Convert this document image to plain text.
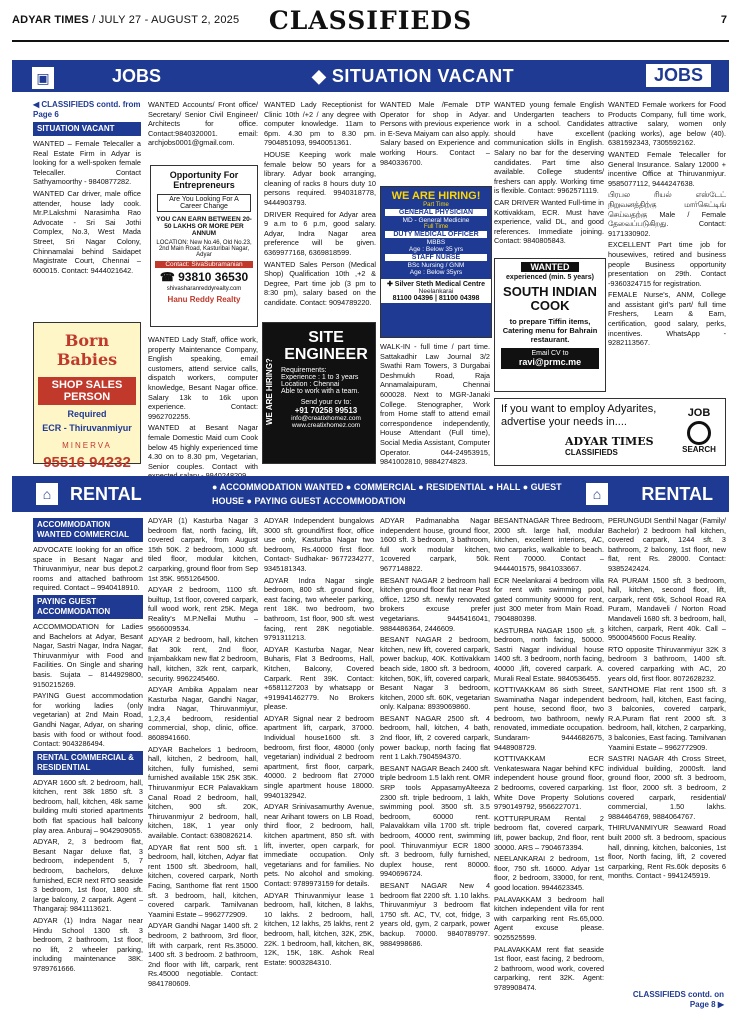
ADYAR TIMES / JULY 27 - AUGUST 2, 2025	CLASSIFIEDS	7
▣	JOBS	◆ SITUATION VACANT	JOBS
◀ CLASSIFIEDS contd. from Page 6
SITUATION VACANT

WANTED – Female Telecaller a Real Estate Firm in Adyar is looking for a well-spoken female Telecaller. Contact Sathyamoorthy - 9840877282.

WANTED Car driver, male office attender, house lady cook. Mr.P.Lakshmi Narasimha Rao Advocate - Sri Sai Jothi Complex, No.3, West Mada Street, Sri Nagar Colony, Chinnamalai behind Saidapet Magistrate Court, Chennai – 600015. Contact: 9444021642.

Born Babies
SHOP SALES PERSON
Required
ECR - Thiruvanmiyur
MINERVA
95516 94232

WANTED Accounts/ Front office/ Secretary/ Senior Civil Engineer/ Architects for office. Contact:9840320001. email: archjobs0001@gmail.com.

Opportunity For Entrepreneurs
Are You Looking For A Career Change
YOU CAN EARN BETWEEN 20-50 LAKHS OR MORE PER ANNUM
LOCATION: New No.46, Old No.23, 2nd Main Road, Kasturibai Nagar, Adyar
Contact: SivaSubramanian
☎ 93810 36530
shivasharanreddyrealty.com
Hanu Reddy Realty

WANTED Lady Staff, office work, property Maintenance Company, English speaking, email customers, attend service calls, dispatch workers, computer knowledge, Besant Nagar office. Salary 13k to 16k upon experience. Contact: 9962702255.

WANTED at Besant Nagar female Domestic Maid cum Cook below 45 highly experienced time 4.30 on to 8.30 pm, Vegetarian, Senior couples. Contact with

WANTED Lady Receptionist for Clinic 10th /+2 / any degree with computer knowledge. 11am to 6pm. 4.30 pm to 8.30 pm. 7904851093, 9940051361.

HOUSE Keeping work male female below 50 years for a library. Adyar book arranging, cleaning of racks 8 hours duty 10 persons required. 9940318778, 9444903793.

DRIVER Required for Adyar area 9 a.m to 6 p.m, good salary. Adyar, Indra Nagar area preference will be given. 6369977168, 6369818599.

WANTED Sales Person (Medical Shop) Qualification 10th ,+2 & Degree, Part time job (3 pm to 8:30 pm), salary based on the candidate. Contact: 9094789220.

WE ARE HIRING?
SITE ENGINEER
Requirements:
Experience : 1 to 3 years
Location : Chennai
Able to work with a team.
Send your cv to:
+91 70258 99513
info@creatixhomez.com
www.creatixhomez.com

WANTED Male /Female DTP Operator for shop in Adyar. Persons with previous experience in E-Seva Maiyam can also apply. Salary based on Experience and working Hours. Contact – 9840336700.

WE ARE HIRING!
Part Time
GENERAL PHYSICIAN
MD - General Medicine
Full Time
DUTY MEDICAL OFFICER
MBBS
Age : Below 35 yrs
STAFF NURSE
BSc Nursing / GNM
Age : Below 35yrs
✚ Silver Steth Medical Centre
Neelankarai
81100 04396 | 81100 04398

WALK-IN - full time / part time. Sattakadhir Law Journal 3/2 Swathi Ram Towers, 3 Durgabai Deshmukh Road, Raja Annamalaipuram, Chennai 600028. Next to MGR-Janaki College. Stenographer, Work from Home staff to attend email correspondence independently, House Attendant (Full time), Social Media Assistant, Computer Operator. 044-24953915, 9841002810, 9884274823.

WANTED young female English and Undergarten teachers to work in a school. Candidates should have excellent communication skills in English. Salary no bar for the deserving candidates. Part time also available. College students/ freshers can apply. Working time is flexible. Contact: 9962571119.

CAR DRIVER Wanted Full-time in Kottivakkam, ECR. Must have experience, valid DL, and good references. Immediate joining. Contact: 9840805843.

WANTED
experienced (min. 5 years)
SOUTH INDIAN COOK
to prepare Tiffin items, Catering menu for Bahrain restaurant.
Email CV to
ravi@prmc.me

WANTED Female workers for Food Products Company, full time work, attractive salary, women only (packing works), age below (40). 6381592343, 7305592162.

WANTED Female Telecaller for General Insurance. Salary 12000 + incentive Office at Thiruvanmiyur. 9585077112, 9444247638.

பிரபல ரியல் எஸ்டேட் நிறுவனத்திற்கு மார்கெட்டிங் செய்வதற்கு Male / Female தேவைப்படுகிறது. Contact: 9171330902.

EXCELLENT Part time job for housewives, retired and business people Business opportunity presentation on 29th. Contact -9360324715 for registration.

FEMALE Nurse's, ANM, College and assistant girl's part/ full time Freshers, Learn & Earn, certification, good salary, perks, incentives. WhatsApp - 9282113567.

If you want to employ Adyarites, advertise your needs in....
ADYAR TIMES
CLASSIFIEDS
JOB
SEARCH
⌂	RENTAL	● ACCOMMODATION WANTED ● COMMERCIAL ● RESIDENTIAL ● HALL ● GUEST HOUSE ● PAYING GUEST ACCOMMODATION	⌂	RENTAL
ACCOMMODATION WANTED COMMERCIAL

ADVOCATE looking for an office space in Besant Nagar and Thiruvanmiyur, near bus depot.2 rooms and attached bathroom required. Contact – 9940418910.

PAYING GUEST ACCOMMODATION

ACCOMMODATION for Ladies and Bachelors at Adyar, Besant Nagar, Sastri Nagar, Indra Nagar, Thiruvanmiyur with Food and Facilities. On Single and sharing basis. Sujata – 8144929800, 9150215269.

PAYING Guest accommodation for working ladies (only vegetarian) at 2nd Main Road, Gandhi Nagar, Adyar, on sharing basis with food or without food. Contact: 9043286494.

RENTAL COMMERCIAL & RESIDENTIAL

ADYAR 1600 sft. 2 bedroom, hall, kitchen, rent 38k 1850 sft. 3 bedroom, hall, kitchen, 48k same building multi storied apartments both flat spacious hall balcony play area. Anburaj – 9042909055.

ADYAR, 2, 3 bedroom flat, Besant Nagar deluxe flat, 3 bedroom, independent 5, 7 bedroom, bachelors, deluxe furnished, ECR next RTO seaside 3 bedroom, 1st floor, 1800 sft. large balcony, 2 carpark. Agent – Thangaraj: 9841113621.

ADYAR (1) Indra Nagar near Hindu School 1300 sft. 3 bedroom, 2 bathroom, 1st floor, no lift, 2 wheeler parking, including maintenance 38K. 9789761666.

ADYAR (1) Kasturba Nagar 3 bedroom flat, north facing, lift, covered carpark, from August 15th 50K. 2 bedroom, 1000 sft. tiled floor, modular kitchen, carparking, ground floor from Sep 1st 35K. 9551264500.

ADYAR 2 bedroom, 1100 sft. builtup, 1st floor, covered carpark, full wood work, rent 25K. Mega Reality's M.P.Nellai Muthu – 9566009534.

ADYAR 2 bedroom, hall, kitchen flat 30k rent, 2nd floor, Injambakkam new flat 2 bedroom, hall, kitchen, 32k rent, carpark, security. 9962245460.

ADYAR Ambika Appalam near Kasturba Nagar, Gandhi Nagar, Indra Nagar, Thiruvanmiyur, 1,2,3,4 bedroom, residential commercial, shop, clinic, office. 8608941660.

ADYAR Bachelors 1 bedroom, hall, kitchen, 2 bedroom, hall, kitchen, fully furnished, semi furnished available 15K 25K 35K. Thiruvanmiyur ECR Palavakkam Canal Road 2 bedroom, hall, kitchen, 900 sft. 20K, Thiruvanmiyur 2 bedroom, hall, kitchen, 18K, 1 year only available. Contact: 6380826214.

ADYAR flat rent 500 sft. 1 bedroom, hall, kitchen, Adyar flat rent 1500 sft. 3bedroom, hall, kitchen, covered carpark, North Facing, Santhome flat rent 1500 sft. 3 bedroom, hall, kitchen, covered carpark. Tamilvanan Yaamini Estate – 9962772909.

ADYAR Gandhi Nagar 1400 sft. 2 bedroom, 2 bathroom, 3rd floor, lift with carpark, rent Rs.35000. 1400 sft. 3 bedroom. 2 bathroom, 2nd floor with lift, carpark, rent Rs.45000 negotiable. Contact: 9841780609.

ADYAR Independent bungalows 3000 sft. ground/first floor, office use only, Kasturba Nagar two bedroom, Rs.40000 first floor. Contact- Sudhakar- 9677234277, 9345181343.

ADYAR Indra Nagar single bedroom, 800 sft. ground floor, east facing, two wheeler parking, rent 18K. two bedroom, two bathroom, 1st floor, 900 sft. west facing, rent 28K negotiable. 9791311213.

ADYAR Kasturba Nagar, Near Buharis, Flat 3 Bedrooms, Hall, Kitchen, Balcony, Covered Carpark. Rent 39K. Contact: +6581127203 by whatsapp or +919941462779. No Brokers please.

ADYAR Signal near 2 bedroom apartment lift, carpark, 37000. Individual house1600 sft. 3 bedroom, first floor, 48000 (only vegetarian) individual 2 bedroom apartment, first floor, carpark, 40000. 2 bedroom flat 27000 single apartment house 18000. 9940132942.

ADYAR Srinivasamurthy Avenue, near Arihant towers on LB Road, third floor, 2 bedroom, hall, kitchen apartment, 850 sft. with lift, inverter, open carpark, for immediate occupation. Only vegetarians and for families. No pets. No alcohol and smoking. Contact: 9789973159 for details.

ADYAR Thiruvanmiyur lease 1 bedroom, hall, kitchen, 8 lakhs, 10 lakhs. 2 bedroom, hall, kitchen, 12 lakhs, 25 lakhs, rent 2 bedroom, hall, kitchen, 32K, 25K, 22K. 1 bedroom, hall, kitchen, 8K, 12K, 15K, 18K. Ashok Real Estate: 9003284310.

ADYAR Padmanabha Nagar independent house, ground floor, 1600 sft. 3 bedroom, 3 bathroom, full work modular kitchen, 1covered carpark, 50k. 9677148822.

BESANT NAGAR 2 bedroom hall kitchen ground floor flat near Post office, 1250 sft. newly renovated brokers excuse prefer vegetarians. 9445416041, 9884486364, 2446609.

BESANT NAGAR 2 bedroom, kitchen, new lift, covered carpark, power backup, 40K. Kottivakkam beach side, 1800 sft. 3 bedroom, kitchen, 50K, lift, covered carpark, Besant Nagar 3 bedroom, kitchen, 2000 sft. 60K, vegetarian only. Kalpana: 8939069860.

BESANT NAGAR 2500 sft. 4 bedroom, hall, kitchen, 4 bath, 2nd floor, lift, 2 covered carpark, power backup, north facing flat rent 1 Lakh.7904594370.

BESANT NAGAR Beach 2400 sft. triple bedroom 1.5 lakh rent. OMR SRP tools AppasamyAlteeza 2300 sft. triple bedroom, 1 lakh, swimming pool. 3500 sft. 3.5 bedroom, 60000 rent. Palavakkam villa 1700 sft. triple bedroom, 40000 rent, swimming pool. Thiruvanmiyur ECR 1800 sft. 3 bedroom, fully furnished, duplex house, rent 80000. 9940696724.

BESANT NAGAR New 4 bedroom flat 2200 sft. 1.10 lakhs. Thiruvanmiyur 3 bedroom flat 1750 sft. AC, TV, cot, fridge, 3 years old, gym, 2 carpark, power backup. 70000. 9840789797. 9884998686.

BESANTNAGAR Three Bedroom, 2000 sft. large hall, modular kitchen, excellent interiors, AC, two carparks, walkable to beach. Rent 70000. Contact – 9444401575, 9841033667.

ECR Neelankarai 4 bedroom villa for rent with swimming pool, gated community 90000 for rent, just 300 meter from Main Road. 7904880398.

KASTURBA NAGAR 1500 sft. 3 bedroom, north facing, 50000. Sastri Nagar individual house 1400 sft. 3 bedroom, north facing, 40000 ,lift, covered carpark. A. Murali Real Estate. 9840536455.

KOTTIVAKKAM 86 sixth Street, Swaminatha Nagar independent pent house, second floor, two bedroom, two bathroom, newly renovated, immediate occupation. Sundaram- 9444682675, 9448908729.

KOTTIVAKKAM ECR Venkateswara Nagar behind KFC independent house ground floor, 2 bedrooms, covered carparking. White Dove Property Solutions 9790149792, 9566227071.

KOTTURPURAM Rental 2 bedroom flat, covered carpark, lift, power backup, 2nd floor, rent 30000. ARS – 7904673394.

NEELANKARAI 2 bedroom, 1st floor, 750 sft. 16000. Adyar 1st floor, 2 bedroom, 33000, for rent, good location. 9944623345.

PALAVAKKAM 3 bedroom hall kitchen independent villa for rent with carparking rent Rs.65,000. Agent excuse please. 9025525599.

PALAVAKKAM rent flat seaside 1st floor, east facing, 2 bedroom, 2 bathroom, wood work, covered carparking, rent 32K. Agent: 9789908474.

PERUNGUDI Senthil Nagar (Family/ Bachelor) 2 bedroom hall kitchen, covered carpark, 1244 sft. 3 bathroom, 2 balcony, 1st floor, new flat, rent Rs. 28000. Contact: 9385242424.

RA PURAM 1500 sft. 3 bedroom, hall, kitchen, second floor, lift, carpark, rent 65k, School Road RA Puram, Mandaveli / Norton Road Mandaveli 1680 sft. 3 bedroom, hall, kitchen, carpark, Rent 40k. Call – 9500045600 Focus Reality.

RTO opposite Thiruvanmiyur 32K 3 bedroom 3 bathroom, 1400 sft. covered carparking with AC, 20 years old, first floor. 8072628232.

SANTHOME Flat rent 1500 sft. 3 bedroom, hall, kitchen, East facing, 3 balconies, covered carpark, R.A.Puram flat rent 2000 sft. 3 bedroom, hall, kitchen, 2 carparking, 3 balconies, East facing. Tamilvanan Yaamini Estate – 9962772909.

SASTRI NAGAR 4th Cross Street, individual building, 2000sft. land ground floor, 2000 sft. 3 bedroom, 1st floor, 2000 sft. 3 bedroom, 2 covered carpark, residential/ commercial, 1.50 lakhs. 9884464769, 9884064767.

THIRUVANMIYUR Seaward Road built 2000 sft. 3 bedroom, spacious hall, dinning, kitchen, balconies, 1st floor, North facing, lift, 2 covered carparking, Rent Rs.60k deposits 6 months. Contact - 9941245919.

CLASSIFIEDS contd. on Page 8 ▶
